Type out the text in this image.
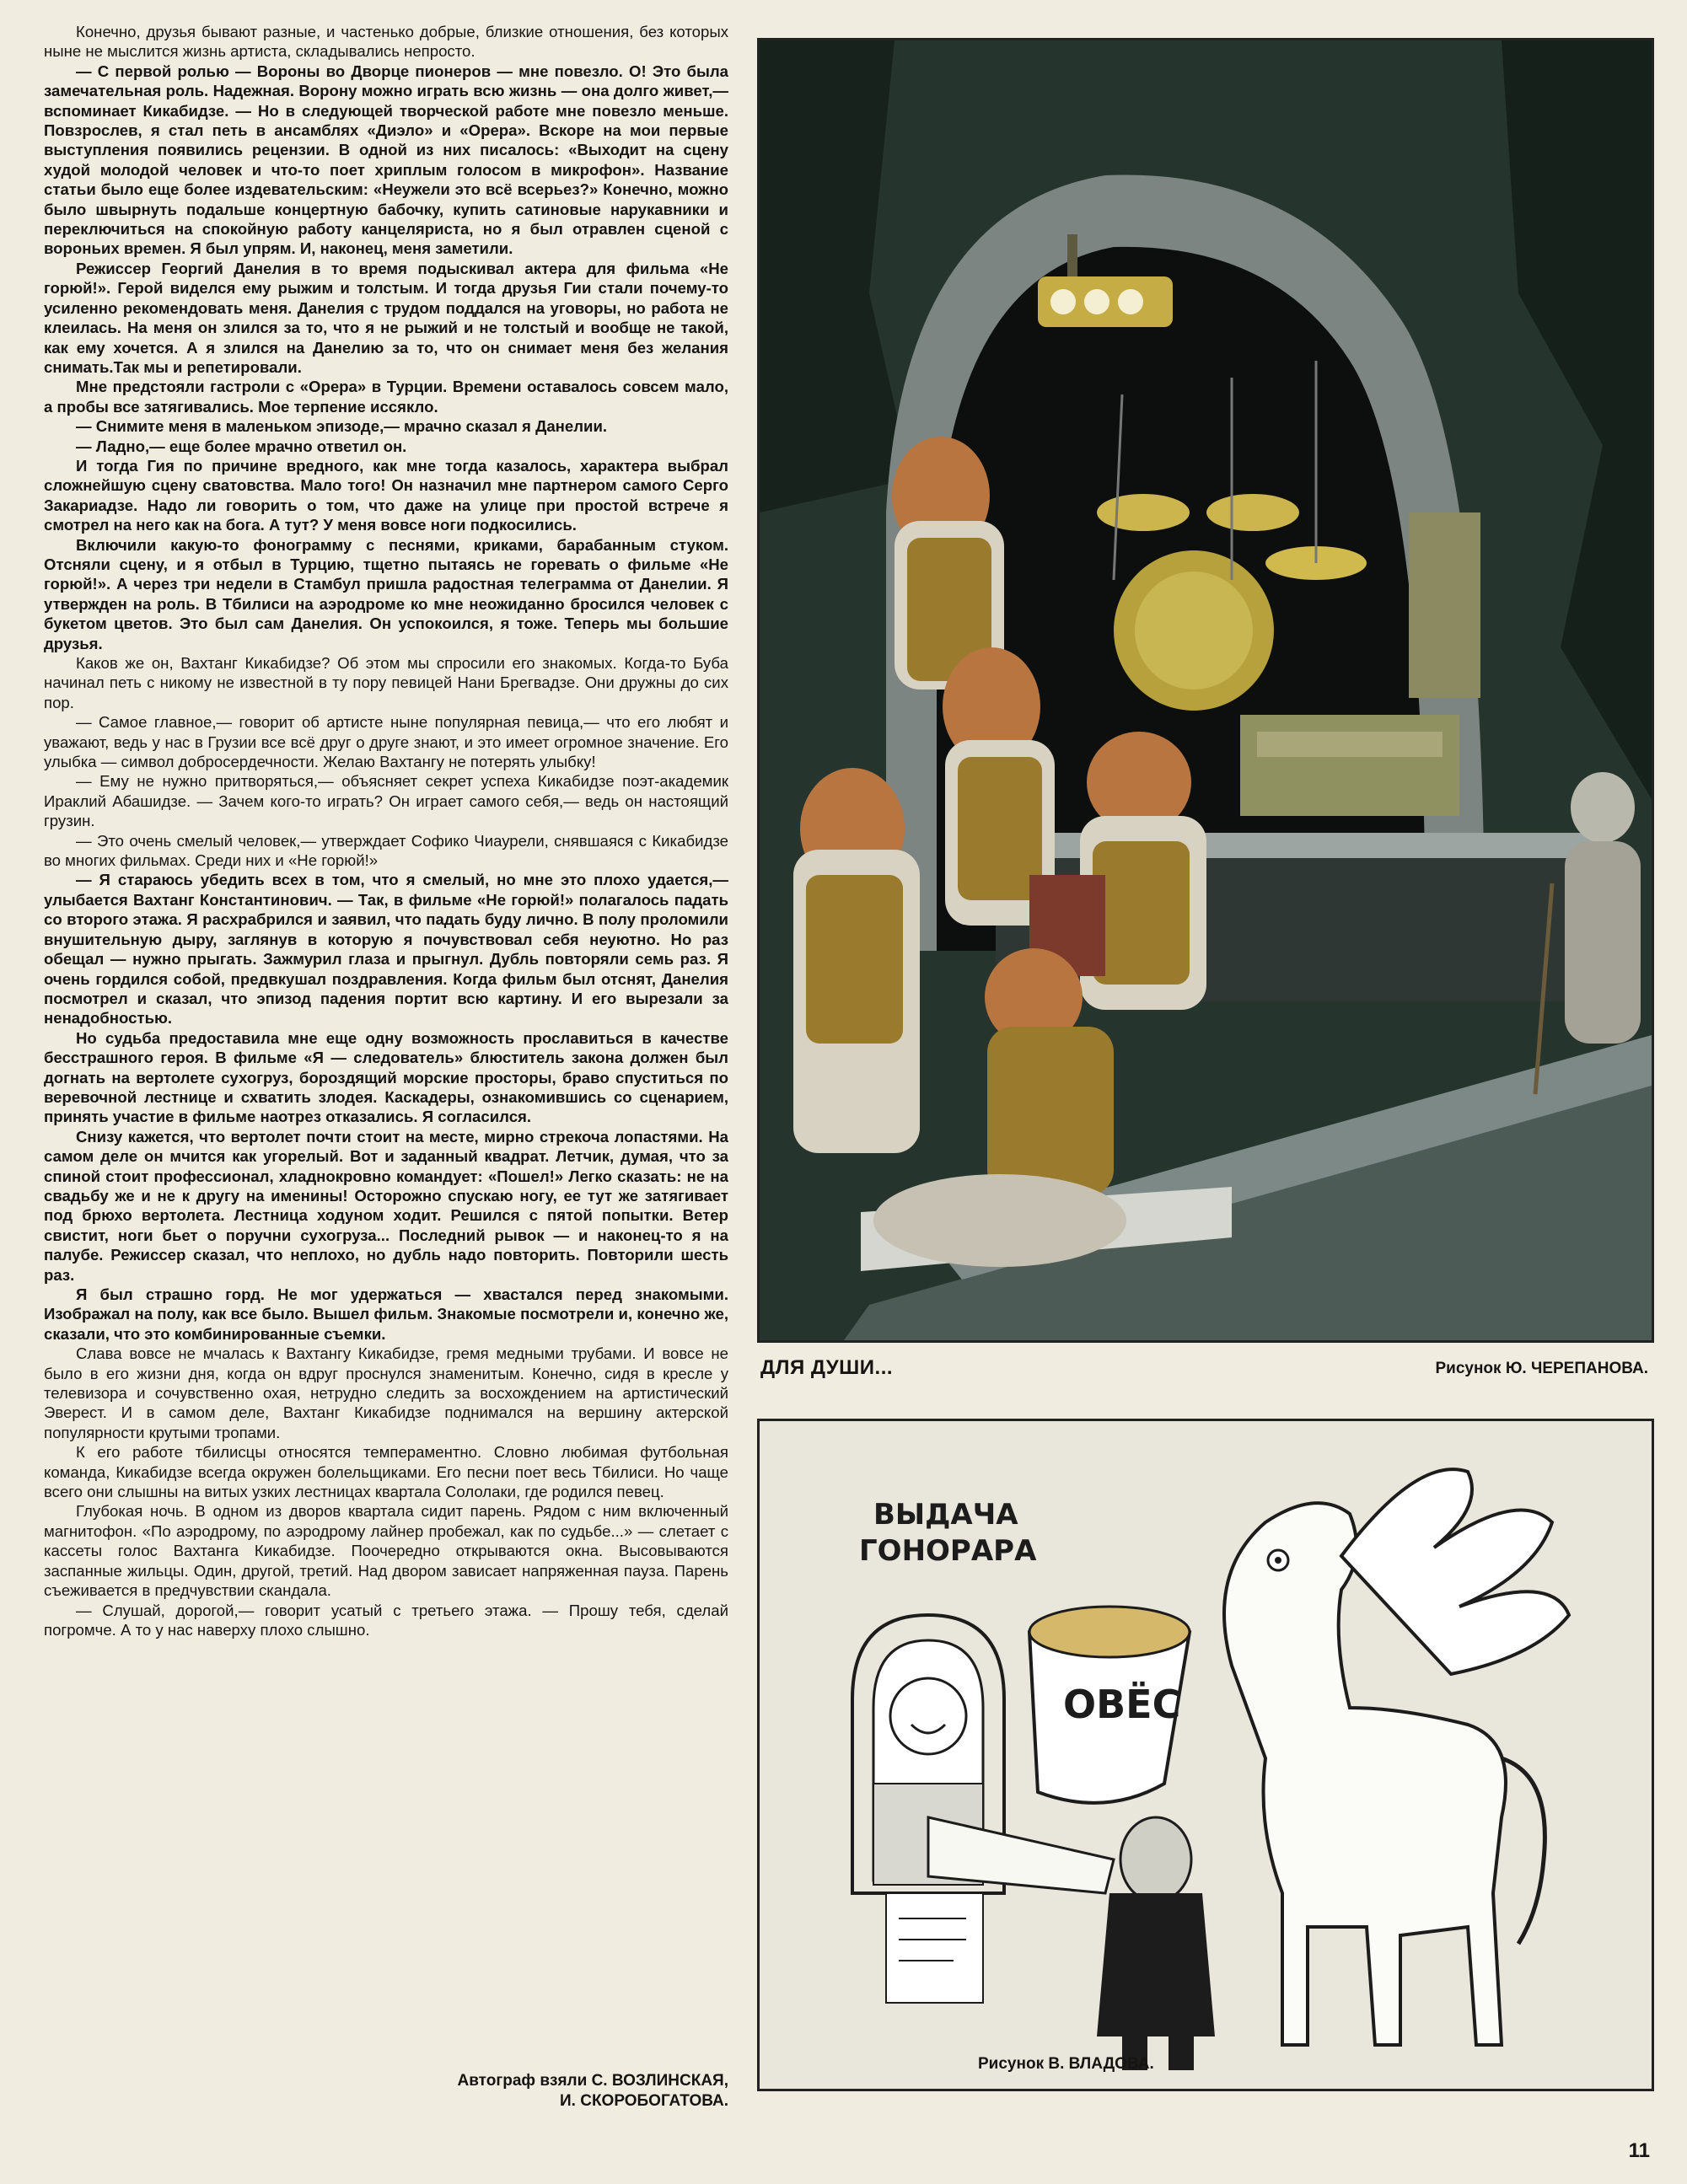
Конечно, друзья бывают разные, и частенько добрые, близкие отношения, без которых ныне не мыслится жизнь артиста, складывались непросто.

— С первой ролью — Вороны во Дворце пионеров — мне повезло. О! Это была замечательная роль. Надежная. Ворону можно играть всю жизнь — она долго живет,— вспоминает Кикабидзе. — Но в следующей творческой работе мне повезло меньше. Повзрослев, я стал петь в ансамблях «Диэло» и «Орера». Вскоре на мои первые выступления появились рецензии. В одной из них писалось: «Выходит на сцену худой молодой человек и что-то поет хриплым голосом в микрофон». Название статьи было еще более издевательским: «Неужели это всё всерьез?» Конечно, можно было швырнуть подальше концертную бабочку, купить сатиновые нарукавники и переключиться на спокойную работу канцеляриста, но я был отравлен сценой с вороньих времен. Я был упрям. И, наконец, меня заметили.

Режиссер Георгий Данелия в то время подыскивал актера для фильма «Не горюй!». Герой виделся ему рыжим и толстым. И тогда друзья Гии стали почему-то усиленно рекомендовать меня. Данелия с трудом поддался на уговоры, но работа не клеилась. На меня он злился за то, что я не рыжий и не толстый и вообще не такой, как ему хочется. А я злился на Данелию за то, что он снимает меня без желания снимать.Так мы и репетировали.

Мне предстояли гастроли с «Орера» в Турции. Времени оставалось совсем мало, а пробы все затягивались. Мое терпение иссякло.

— Снимите меня в маленьком эпизоде,— мрачно сказал я Данелии.

— Ладно,— еще более мрачно ответил он.

И тогда Гия по причине вредного, как мне тогда казалось, характера выбрал сложнейшую сцену сватовства. Мало того! Он назначил мне партнером самого Серго Закариадзе. Надо ли говорить о том, что даже на улице при простой встрече я смотрел на него как на бога. А тут? У меня вовсе ноги подкосились.

Включили какую-то фонограмму с песнями, криками, барабанным стуком. Отсняли сцену, и я отбыл в Турцию, тщетно пытаясь не горевать о фильме «Не горюй!». А через три недели в Стамбул пришла радостная телеграмма от Данелии. Я утвержден на роль. В Тбилиси на аэродроме ко мне неожиданно бросился человек с букетом цветов. Это был сам Данелия. Он успокоился, я тоже. Теперь мы большие друзья.

Каков же он, Вахтанг Кикабидзе? Об этом мы спросили его знакомых. Когда-то Буба начинал петь с никому не известной в ту пору певицей Нани Брегвадзе. Они дружны до сих пор.

— Самое главное,— говорит об артисте ныне популярная певица,— что его любят и уважают, ведь у нас в Грузии все всё друг о друге знают, и это имеет огромное значение. Его улыбка — символ добросердечности. Желаю Вахтангу не потерять улыбку!

— Ему не нужно притворяться,— объясняет секрет успеха Кикабидзе поэт-академик Ираклий Абашидзе. — Зачем кого-то играть? Он играет самого себя,— ведь он настоящий грузин.

— Это очень смелый человек,— утверждает Софико Чиаурели, снявшаяся с Кикабидзе во многих фильмах. Среди них и «Не горюй!»

— Я стараюсь убедить всех в том, что я смелый, но мне это плохо удается,— улыбается Вахтанг Константинович. — Так, в фильме «Не горюй!» полагалось падать со второго этажа. Я расхрабрился и заявил, что падать буду лично. В полу проломили внушительную дыру, заглянув в которую я почувствовал себя неуютно. Но раз обещал — нужно прыгать. Зажмурил глаза и прыгнул. Дубль повторяли семь раз. Я очень гордился собой, предвкушал поздравления. Когда фильм был отснят, Данелия посмотрел и сказал, что эпизод падения портит всю картину. И его вырезали за ненадобностью.

Но судьба предоставила мне еще одну возможность прославиться в качестве бесстрашного героя. В фильме «Я — следователь» блюститель закона должен был догнать на вертолете сухогруз, бороздящий морские просторы, браво спуститься по веревочной лестнице и схватить злодея. Каскадеры, ознакомившись со сценарием, принять участие в фильме наотрез отказались. Я согласился.

Снизу кажется, что вертолет почти стоит на месте, мирно стрекоча лопастями. На самом деле он мчится как угорелый. Вот и заданный квадрат. Летчик, думая, что за спиной стоит профессионал, хладнокровно командует: «Пошел!» Легко сказать: не на свадьбу же и не к другу на именины! Осторожно спускаю ногу, ее тут же затягивает под брюхо вертолета. Лестница ходуном ходит. Решился с пятой попытки. Ветер свистит, ноги бьет о поручни сухогруза... Последний рывок — и наконец-то я на палубе. Режиссер сказал, что неплохо, но дубль надо повторить. Повторили шесть раз.

Я был страшно горд. Не мог удержаться — хвастался перед знакомыми. Изображал на полу, как все было. Вышел фильм. Знакомые посмотрели и, конечно же, сказали, что это комбинированные съемки.

Слава вовсе не мчалась к Вахтангу Кикабидзе, гремя медными трубами. И вовсе не было в его жизни дня, когда он вдруг проснулся знаменитым. Конечно, сидя в кресле у телевизора и сочувственно охая, нетрудно следить за восхождением на артистический Эверест. И в самом деле, Вахтанг Кикабидзе поднимался на вершину актерской популярности крутыми тропами.

К его работе тбилисцы относятся темпераментно. Словно любимая футбольная команда, Кикабидзе всегда окружен болельщиками. Его песни поет весь Тбилиси. Но чаще всего они слышны на витых узких лестницах квартала Сололаки, где родился певец.

Глубокая ночь. В одном из дворов квартала сидит парень. Рядом с ним включенный магнитофон. «По аэродрому, по аэродрому лайнер пробежал, как по судьбе...» — слетает с кассеты голос Вахтанга Кикабидзе. Поочередно открываются окна. Высовываются заспанные жильцы. Один, другой, третий. Над двором зависает напряженная пауза. Парень съеживается в предчувствии скандала.

— Слушай, дорогой,— говорит усатый с третьего этажа. — Прошу тебя, сделай погромче. А то у нас наверху плохо слышно.

Автограф взяли С. ВОЗЛИНСКАЯ,
И. СКОРОБОГАТОВА.
ДЛЯ ДУШИ...	Рисунок Ю. ЧЕРЕПАНОВА.
ВЫДАЧА
ГОНОРАРА
ОВЁС
Рисунок В. ВЛАДОВА.
11
